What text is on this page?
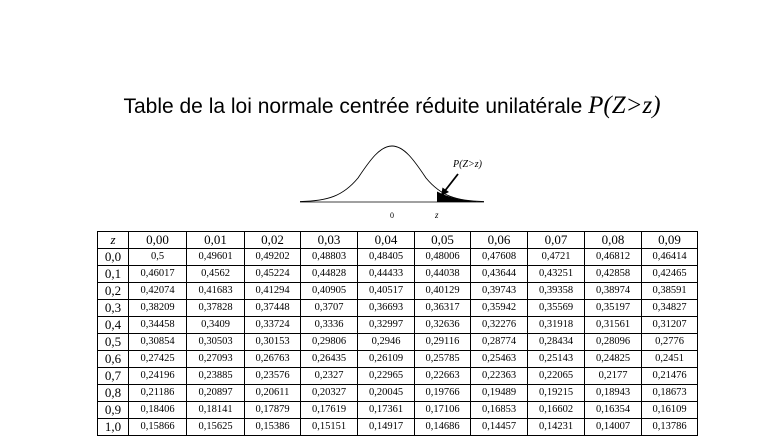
Table de la loi normale centrée réduite unilatérale P(Z>z)
P(Z>z)
0	z
z	0,00	0,01	0,02	0,03	0,04	0,05	0,06	0,07	0,08	0,09
0,0	0,5	0,49601	0,49202	0,48803	0,48405	0,48006	0,47608	0,4721	0,46812	0,46414
0,1	0,46017	0,4562	0,45224	0,44828	0,44433	0,44038	0,43644	0,43251	0,42858	0,42465
0,2	0,42074	0,41683	0,41294	0,40905	0,40517	0,40129	0,39743	0,39358	0,38974	0,38591
0,3	0,38209	0,37828	0,37448	0,3707	0,36693	0,36317	0,35942	0,35569	0,35197	0,34827
0,4	0,34458	0,3409	0,33724	0,3336	0,32997	0,32636	0,32276	0,31918	0,31561	0,31207
0,5	0,30854	0,30503	0,30153	0,29806	0,2946	0,29116	0,28774	0,28434	0,28096	0,2776
0,6	0,27425	0,27093	0,26763	0,26435	0,26109	0,25785	0,25463	0,25143	0,24825	0,2451
0,7	0,24196	0,23885	0,23576	0,2327	0,22965	0,22663	0,22363	0,22065	0,2177	0,21476
0,8	0,21186	0,20897	0,20611	0,20327	0,20045	0,19766	0,19489	0,19215	0,18943	0,18673
0,9	0,18406	0,18141	0,17879	0,17619	0,17361	0,17106	0,16853	0,16602	0,16354	0,16109
1,0	0,15866	0,15625	0,15386	0,15151	0,14917	0,14686	0,14457	0,14231	0,14007	0,13786
